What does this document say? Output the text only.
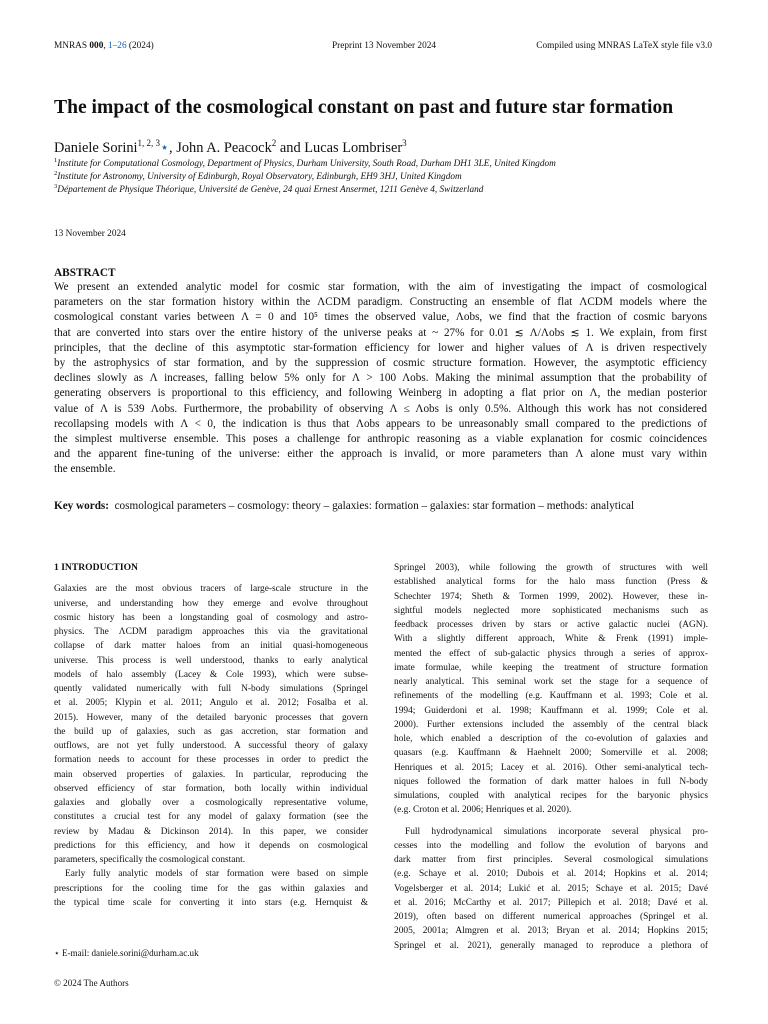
MNRAS 000, 1–26 (2024)	Preprint 13 November 2024	Compiled using MNRAS LaTeX style file v3.0
The impact of the cosmological constant on past and future star formation
Daniele Sorini$^{1, 2, 3}$⋆, John A. Peacock$^2$ and Lucas Lombriser$^3$
$^1$Institute for Computational Cosmology, Department of Physics, Durham University, South Road, Durham DH1 3LE, United Kingdom
$^2$Institute for Astronomy, University of Edinburgh, Royal Observatory, Edinburgh, EH9 3HJ, United Kingdom
$^3$Département de Physique Théorique, Université de Genève, 24 quai Ernest Ansermet, 1211 Genève 4, Switzerland
13 November 2024
ABSTRACT
We present an extended analytic model for cosmic star formation, with the aim of investigating the impact of cosmological
parameters on the star formation history within the ΛCDM paradigm. Constructing an ensemble of flat ΛCDM models where the
cosmological constant varies between Λ = 0 and 10⁵ times the observed value, Λobs, we find that the fraction of cosmic baryons
that are converted into stars over the entire history of the universe peaks at ~ 27% for 0.01 ≲ Λ/Λobs ≲ 1. We explain, from first
principles, that the decline of this asymptotic star-formation efficiency for lower and higher values of Λ is driven respectively
by the astrophysics of star formation, and by the suppression of cosmic structure formation. However, the asymptotic efficiency
declines slowly as Λ increases, falling below 5% only for Λ > 100 Λobs. Making the minimal assumption that the probability of
generating observers is proportional to this efficiency, and following Weinberg in adopting a flat prior on Λ, the median posterior
value of Λ is 539 Λobs. Furthermore, the probability of observing Λ ≤ Λobs is only 0.5%. Although this work has not considered
recollapsing models with Λ < 0, the indication is thus that Λobs appears to be unreasonably small compared to the predictions of
the simplest multiverse ensemble. This poses a challenge for anthropic reasoning as a viable explanation for cosmic coincidences
and the apparent fine-tuning of the universe: either the approach is invalid, or more parameters than Λ alone must vary within
the ensemble.
Key words: cosmological parameters – cosmology: theory – galaxies: formation – galaxies: star formation – methods: analytical
1 INTRODUCTION
Galaxies are the most obvious tracers of large-scale structure in the
universe, and understanding how they emerge and evolve throughout
cosmic history has been a longstanding goal of cosmology and astro-
physics. The ΛCDM paradigm approaches this via the gravitational
collapse of dark matter haloes from an initial quasi-homogeneous
universe. This process is well understood, thanks to early analytical
models of halo assembly (Lacey & Cole 1993), which were subse-
quently validated numerically with full N-body simulations (Springel
et al. 2005; Klypin et al. 2011; Angulo et al. 2012; Fosalba et al.
2015). However, many of the detailed baryonic processes that govern
the build up of galaxies, such as gas accretion, star formation and
outflows, are not yet fully understood. A successful theory of galaxy
formation needs to account for these processes in order to predict the
main observed properties of galaxies. In particular, reproducing the
observed efficiency of star formation, both locally within individual
galaxies and globally over a cosmologically representative volume,
constitutes a crucial test for any model of galaxy formation (see the
review by Madau & Dickinson 2014). In this paper, we consider
predictions for this efficiency, and how it depends on cosmological
parameters, specifically the cosmological constant.
Early fully analytic models of star formation were based on simple
prescriptions for the cooling time for the gas within galaxies and
the typical time scale for converting it into stars (e.g. Hernquist &
Springel 2003), while following the growth of structures with well
established analytical forms for the halo mass function (Press &
Schechter 1974; Sheth & Tormen 1999, 2002). However, these in-
sightful models neglected more sophisticated mechanisms such as
feedback processes driven by stars or active galactic nuclei (AGN).
With a slightly different approach, White & Frenk (1991) imple-
mented the effect of sub-galactic physics through a series of approx-
imate formulae, while keeping the treatment of structure formation
nearly analytical. This seminal work set the stage for a sequence of
refinements of the modelling (e.g. Kauffmann et al. 1993; Cole et al.
1994; Guiderdoni et al. 1998; Kauffmann et al. 1999; Cole et al.
2000). Further extensions included the assembly of the central black
hole, which enabled a description of the co-evolution of galaxies and
quasars (e.g. Kauffmann & Haehnelt 2000; Somerville et al. 2008;
Henriques et al. 2015; Lacey et al. 2016). Other semi-analytical tech-
niques followed the formation of dark matter haloes in full N-body
simulations, coupled with analytical recipes for the baryonic physics
(e.g. Croton et al. 2006; Henriques et al. 2020).
Full hydrodynamical simulations incorporate several physical pro-
cesses into the modelling and follow the evolution of baryons and
dark matter from first principles. Several cosmological simulations
(e.g. Schaye et al. 2010; Dubois et al. 2014; Hopkins et al. 2014;
Vogelsberger et al. 2014; Lukić et al. 2015; Schaye et al. 2015; Davé
et al. 2016; McCarthy et al. 2017; Pillepich et al. 2018; Davé et al.
2019), often based on different numerical approaches (Springel et al.
2005, 2001a; Almgren et al. 2013; Bryan et al. 2014; Hopkins 2015;
Springel et al. 2021), generally managed to reproduce a plethora of
⋆ E-mail: daniele.sorini@durham.ac.uk
© 2024 The Authors
